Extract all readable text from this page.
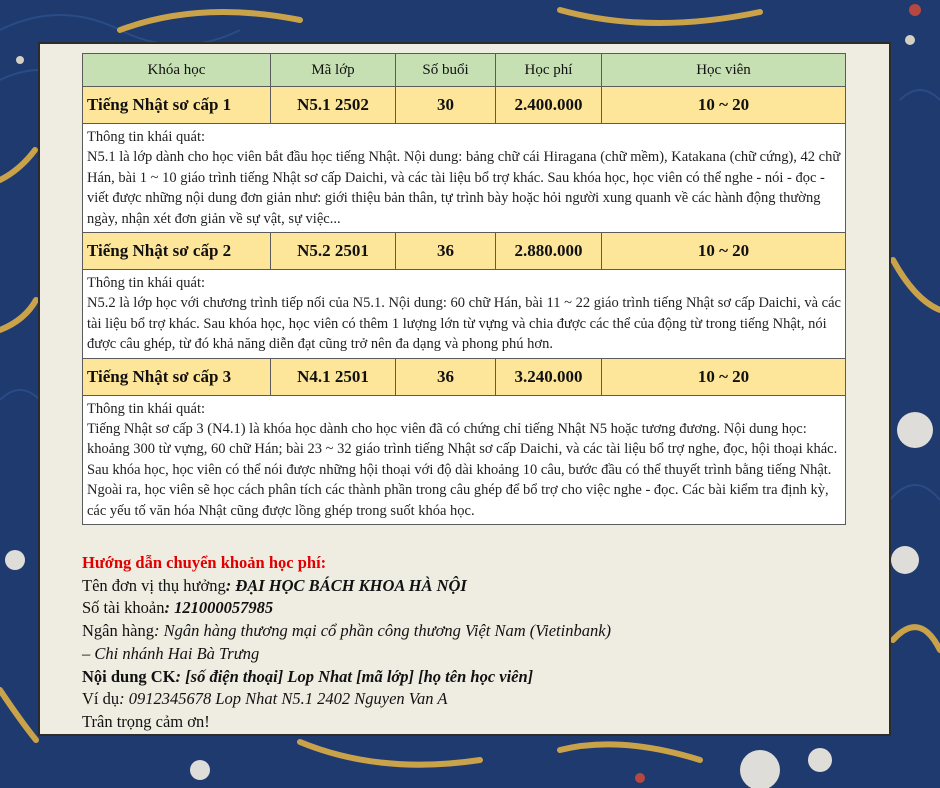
Khóa học	Mã lớp	Số buổi	Học phí	Học viên
Tiếng Nhật sơ cấp 1	N5.1 2502	30	2.400.000	10 ~ 20

Thông tin khái quát:
N5.1 là lớp dành cho học viên bắt đầu học tiếng Nhật. Nội dung: bảng chữ cái Hiragana (chữ mềm), Katakana (chữ cứng), 42 chữ Hán, bài 1 ~ 10 giáo trình tiếng Nhật sơ cấp Daichi, và các tài liệu bổ trợ khác. Sau khóa học, học viên có thể nghe - nói - đọc - viết được những nội dung đơn giản như: giới thiệu bản thân, tự trình bày hoặc hỏi người xung quanh về các hành động thường ngày, nhận xét đơn giản về sự vật, sự việc...				

Tiếng Nhật sơ cấp 2	N5.2 2501	36	2.880.000	10 ~ 20

Thông tin khái quát:
N5.2 là lớp học với chương trình tiếp nối của N5.1. Nội dung: 60 chữ Hán, bài 11 ~ 22 giáo trình tiếng Nhật sơ cấp Daichi, và các tài liệu bổ trợ khác. Sau khóa học, học viên có thêm 1 lượng lớn từ vựng và chia được các thể của động từ trong tiếng Nhật, nói được câu ghép, từ đó khả năng diễn đạt cũng trở nên đa dạng và phong phú hơn.				

Tiếng Nhật sơ cấp 3	N4.1 2501	36	3.240.000	10 ~ 20

Thông tin khái quát:
Tiếng Nhật sơ cấp 3 (N4.1) là khóa học dành cho học viên đã có chứng chỉ tiếng Nhật N5 hoặc tương đương. Nội dung học: khoảng 300 từ vựng, 60 chữ Hán; bài 23 ~ 32 giáo trình tiếng Nhật sơ cấp Daichi, và các tài liệu bổ trợ nghe, đọc, hội thoại khác. Sau khóa học, học viên có thể nói được những hội thoại với độ dài khoảng 10 câu, bước đầu có thể thuyết trình bằng tiếng Nhật. Ngoài ra, học viên sẽ học cách phân tích các thành phần trong câu ghép để bổ trợ cho việc nghe - đọc. Các bài kiểm tra định kỳ, các yếu tố văn hóa Nhật cũng được lồng ghép trong suốt khóa học.				
Hướng dẫn chuyển khoản học phí:
Tên đơn vị thụ hưởng: ĐẠI HỌC BÁCH KHOA HÀ NỘI
Số tài khoản: 121000057985
Ngân hàng: Ngân hàng thương mại cổ phần công thương Việt Nam (Vietinbank)
– Chi nhánh Hai Bà Trưng
Nội dung CK: [số điện thoại] Lop Nhat [mã lớp] [họ tên học viên]
Ví dụ: 0912345678 Lop Nhat N5.1 2402 Nguyen Van A
Trân trọng cảm ơn!
